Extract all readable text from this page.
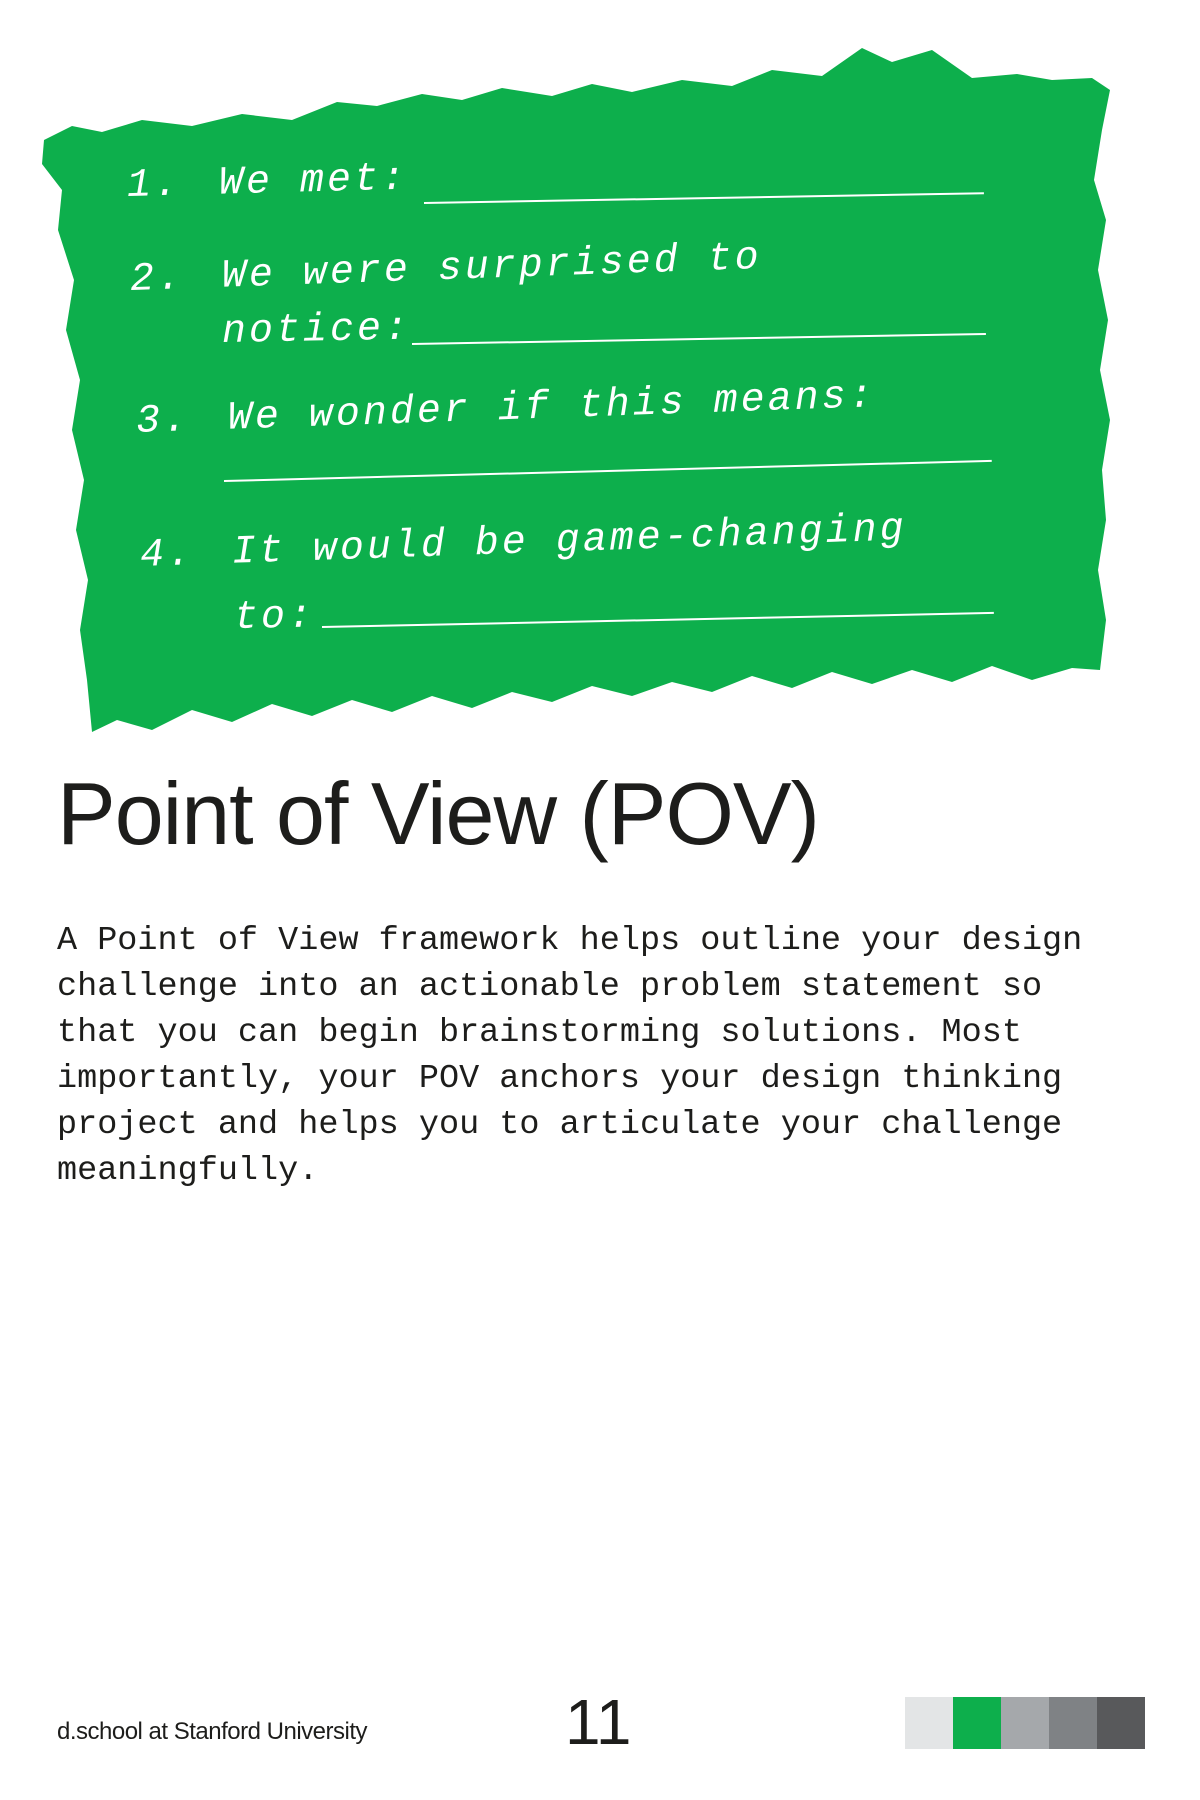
1. We met:
2. We were surprised to
notice:
3. We wonder if this means:
4. It would be game-changing
to:
Point of View (POV)

A Point of View framework helps outline your design challenge into an actionable problem statement so that you can begin brainstorming solutions. Most importantly, your POV anchors your design thinking project and helps you to articulate your challenge meaningfully.

d.school at Stanford University	11
